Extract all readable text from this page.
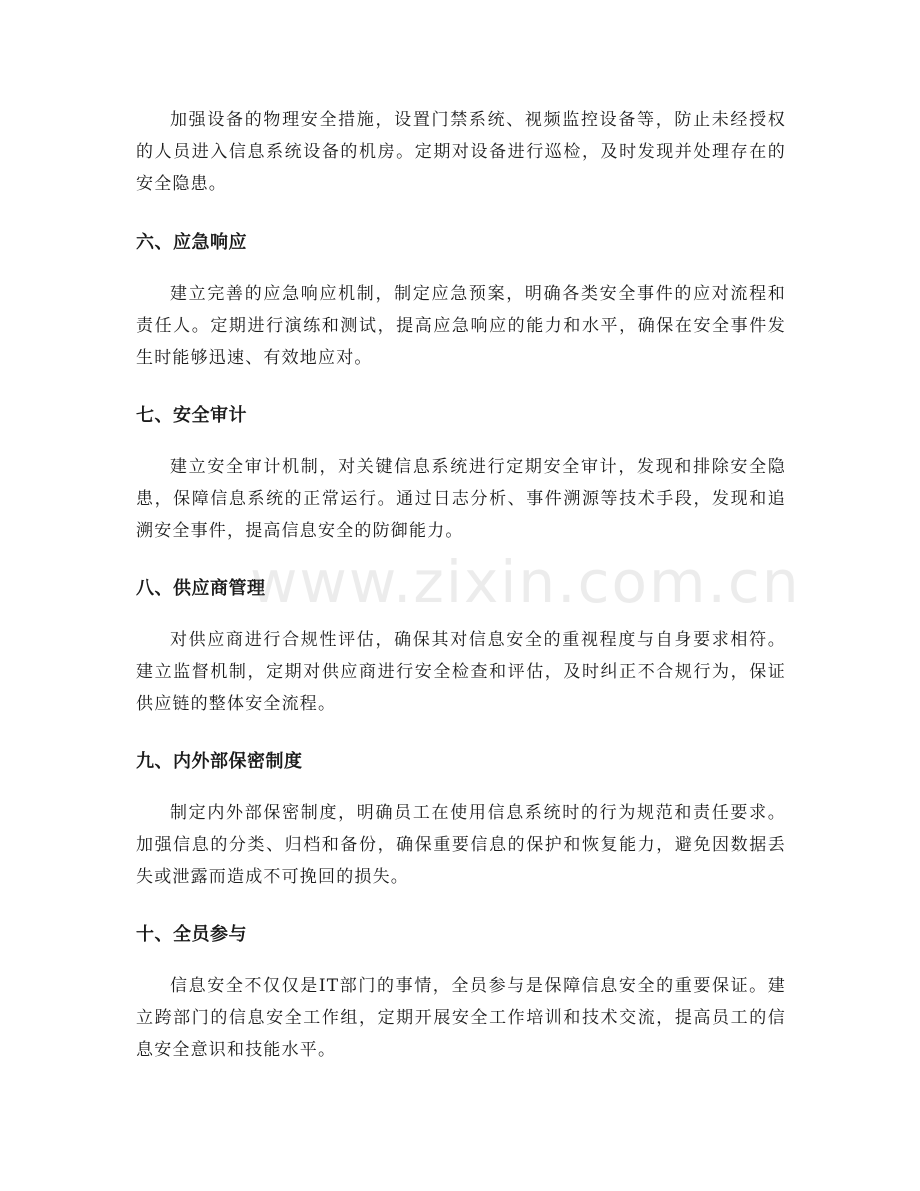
加强设备的物理安全措施，设置门禁系统、视频监控设备等，防止未经授权的人员进入信息系统设备的机房。定期对设备进行巡检，及时发现并处理存在的安全隐患。

六、应急响应

建立完善的应急响应机制，制定应急预案，明确各类安全事件的应对流程和责任人。定期进行演练和测试，提高应急响应的能力和水平，确保在安全事件发生时能够迅速、有效地应对。

七、安全审计

建立安全审计机制，对关键信息系统进行定期安全审计，发现和排除安全隐患，保障信息系统的正常运行。通过日志分析、事件溯源等技术手段，发现和追溯安全事件，提高信息安全的防御能力。

八、供应商管理

对供应商进行合规性评估，确保其对信息安全的重视程度与自身要求相符。建立监督机制，定期对供应商进行安全检查和评估，及时纠正不合规行为，保证供应链的整体安全流程。

九、内外部保密制度

制定内外部保密制度，明确员工在使用信息系统时的行为规范和责任要求。加强信息的分类、归档和备份，确保重要信息的保护和恢复能力，避免因数据丢失或泄露而造成不可挽回的损失。

十、全员参与

信息安全不仅仅是IT部门的事情，全员参与是保障信息安全的重要保证。建立跨部门的信息安全工作组，定期开展安全工作培训和技术交流，提高员工的信息安全意识和技能水平。

www.zixin.com.cn
